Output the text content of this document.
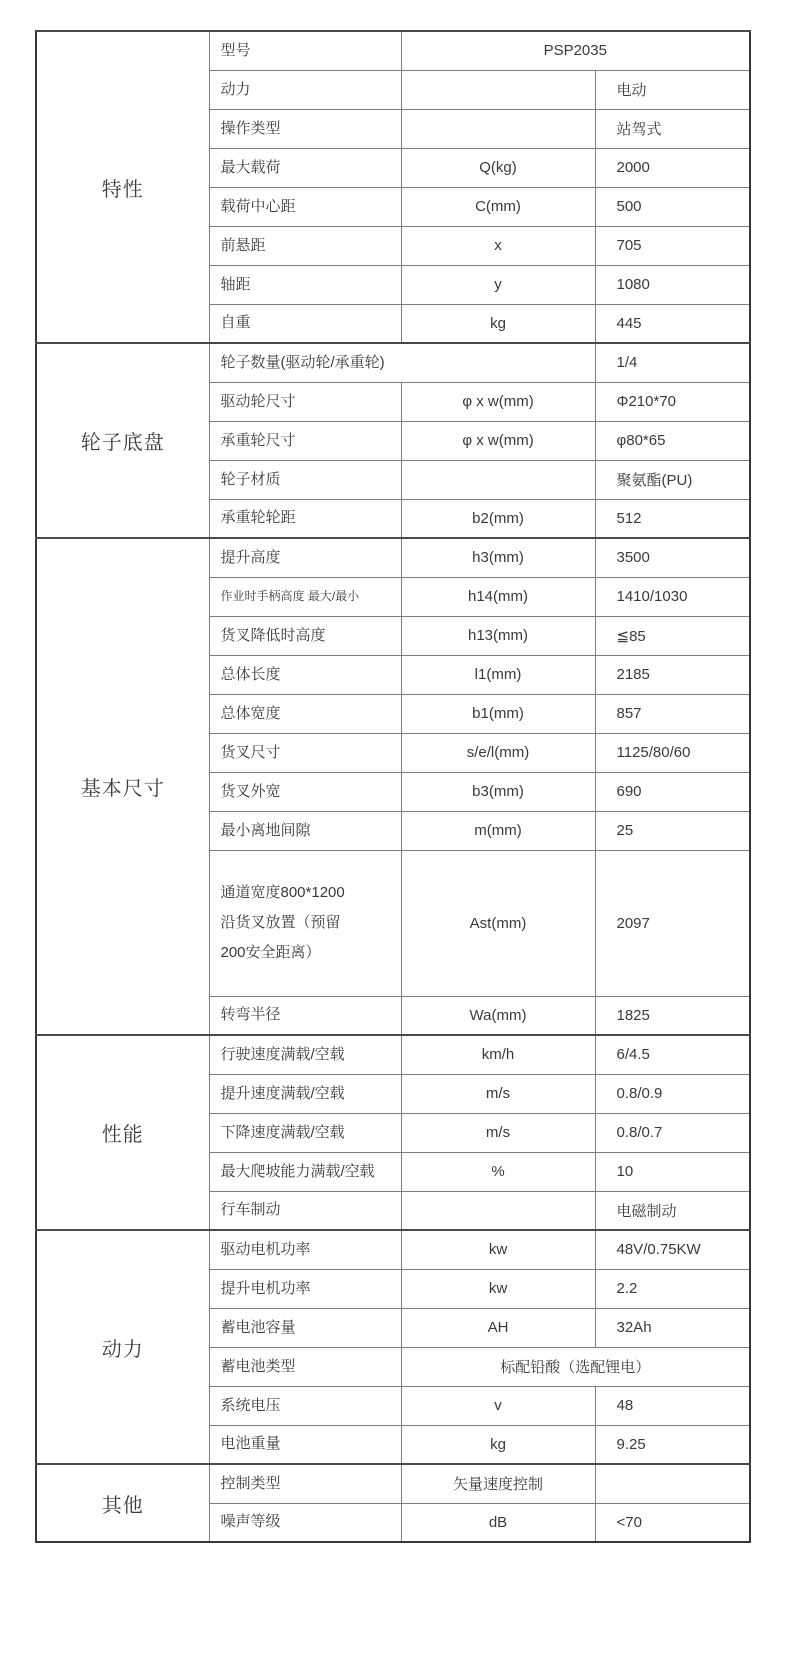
特性	型号	PSP2035	
	动力		电动
	操作类型		站驾式
	最大载荷	Q(kg)	2000
	载荷中心距	C(mm)	500
	前悬距	x	705
	轴距	y	1080
	自重	kg	445
轮子底盘	轮子数量(驱动轮/承重轮)		1/4
	驱动轮尺寸	φ x w(mm)	Φ210*70
	承重轮尺寸	φ x w(mm)	φ80*65
	轮子材质		聚氨酯(PU)
	承重轮轮距	b2(mm)	512
基本尺寸	提升高度	h3(mm)	3500
	作业时手柄高度 最大/最小	h14(mm)	1410/1030
	货叉降低时高度	h13(mm)	≦85
	总体长度	l1(mm)	2185
	总体宽度	b1(mm)	857
	货叉尺寸	s/e/l(mm)	1125/80/60
	货叉外宽	b3(mm)	690
	最小离地间隙	m(mm)	25
	通道宽度800*1200沿货叉放置（预留200安全距离）	Ast(mm)	2097
	转弯半径	Wa(mm)	1825
性能	行驶速度满载/空载	km/h	6/4.5
	提升速度满载/空载	m/s	0.8/0.9
	下降速度满载/空载	m/s	0.8/0.7
	最大爬坡能力满载/空载	%	10
	行车制动		电磁制动
动力	驱动电机功率	kw	48V/0.75KW
	提升电机功率	kw	2.2
	蓄电池容量	AH	32Ah
	蓄电池类型	标配铅酸（选配锂电）	
	系统电压	v	48
	电池重量	kg	9.25
其他	控制类型	矢量速度控制	
	噪声等级	dB	<70
